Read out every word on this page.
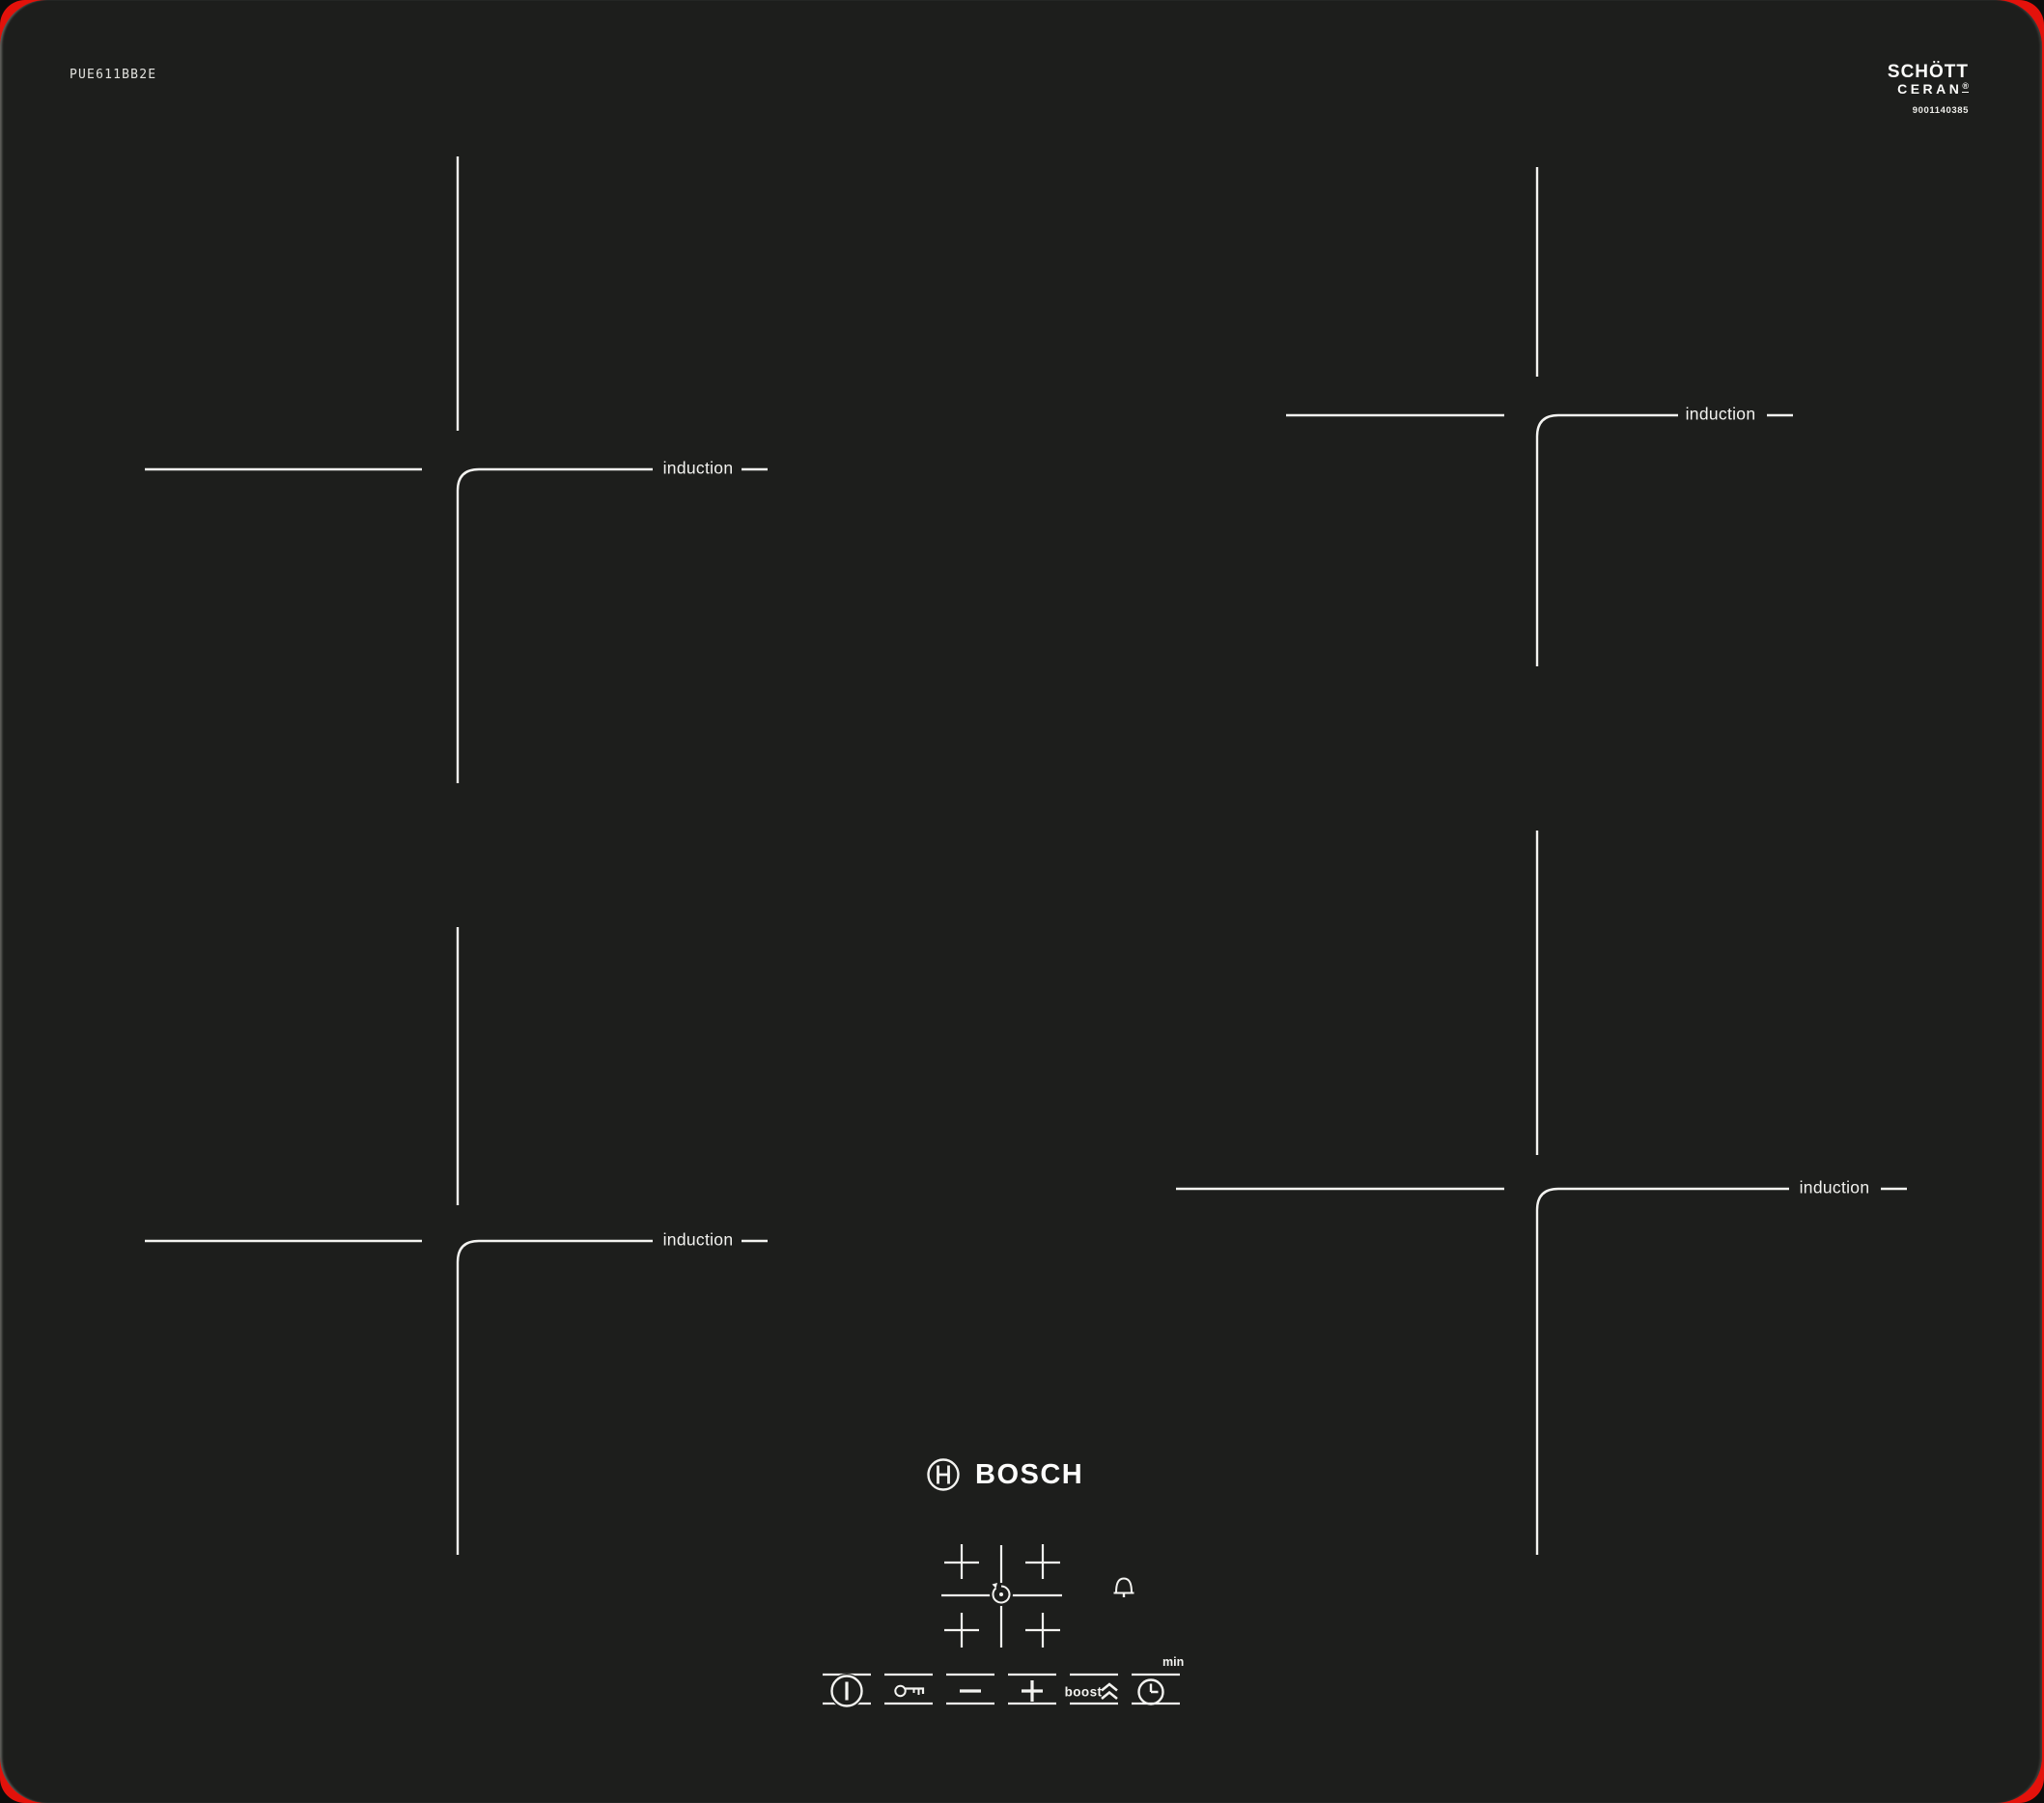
PUE611BB2E	SCHÖTT
CERAN®
9001140385
induction
induction
induction
induction
BOSCH
boost
min
